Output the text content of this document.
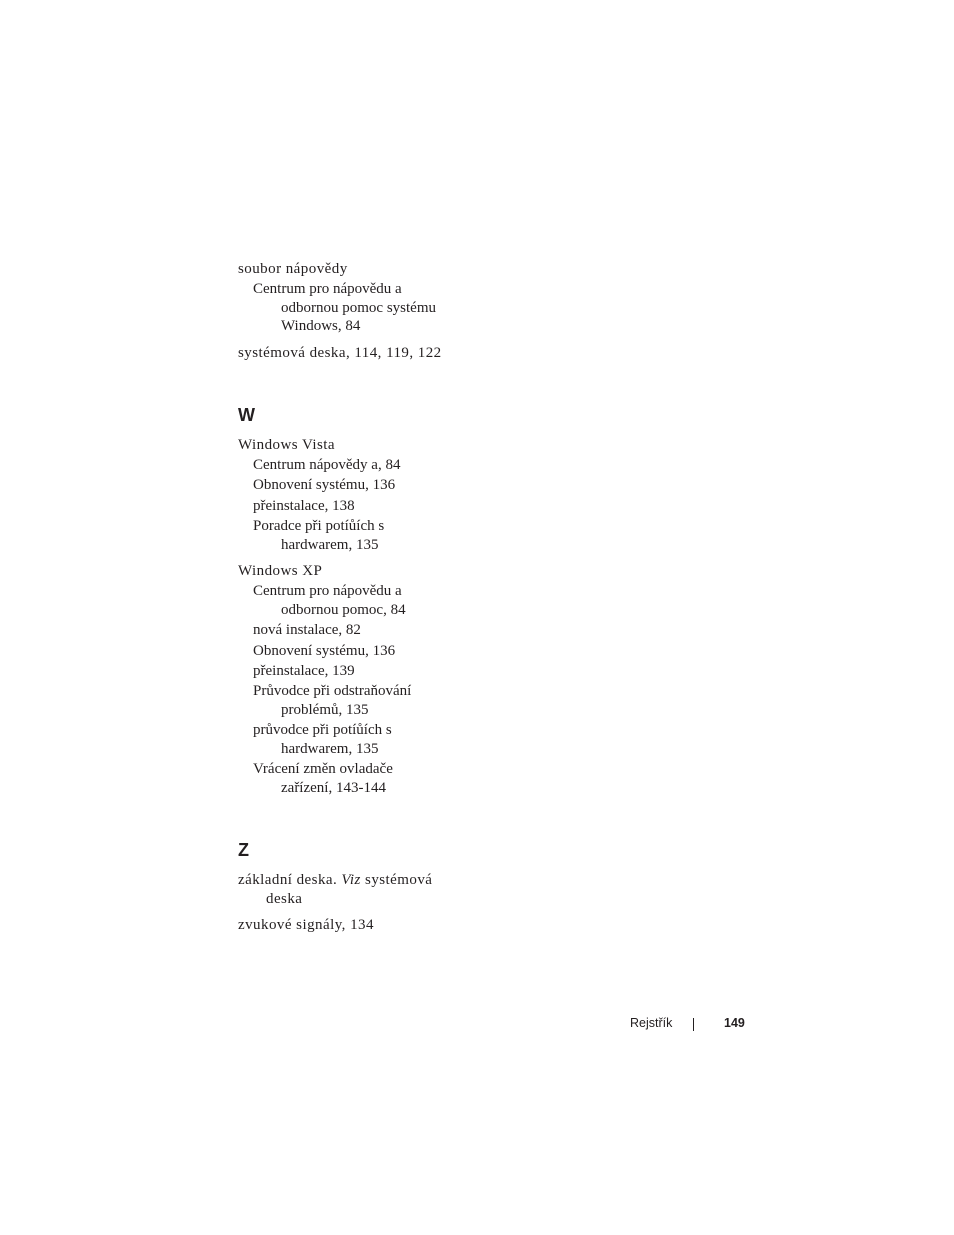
soubor nápovědy
Centrum pro nápovědu a
odbornou pomoc systému
Windows, 84
systémová deska, 114, 119, 122
W
Windows Vista
Centrum nápovědy a, 84
Obnovení systému, 136
přeinstalace, 138
Poradce při potíůích s
hardwarem, 135
Windows XP
Centrum pro nápovědu a
odbornou pomoc, 84
nová instalace, 82
Obnovení systému, 136
přeinstalace, 139
Průvodce při odstraňování
problémů, 135
průvodce při potíůích s
hardwarem, 135
Vrácení změn ovladače
zařízení, 143-144
Z
základní deska. Viz systémová
deska
zvukové signály, 134
Rejstřík	149
